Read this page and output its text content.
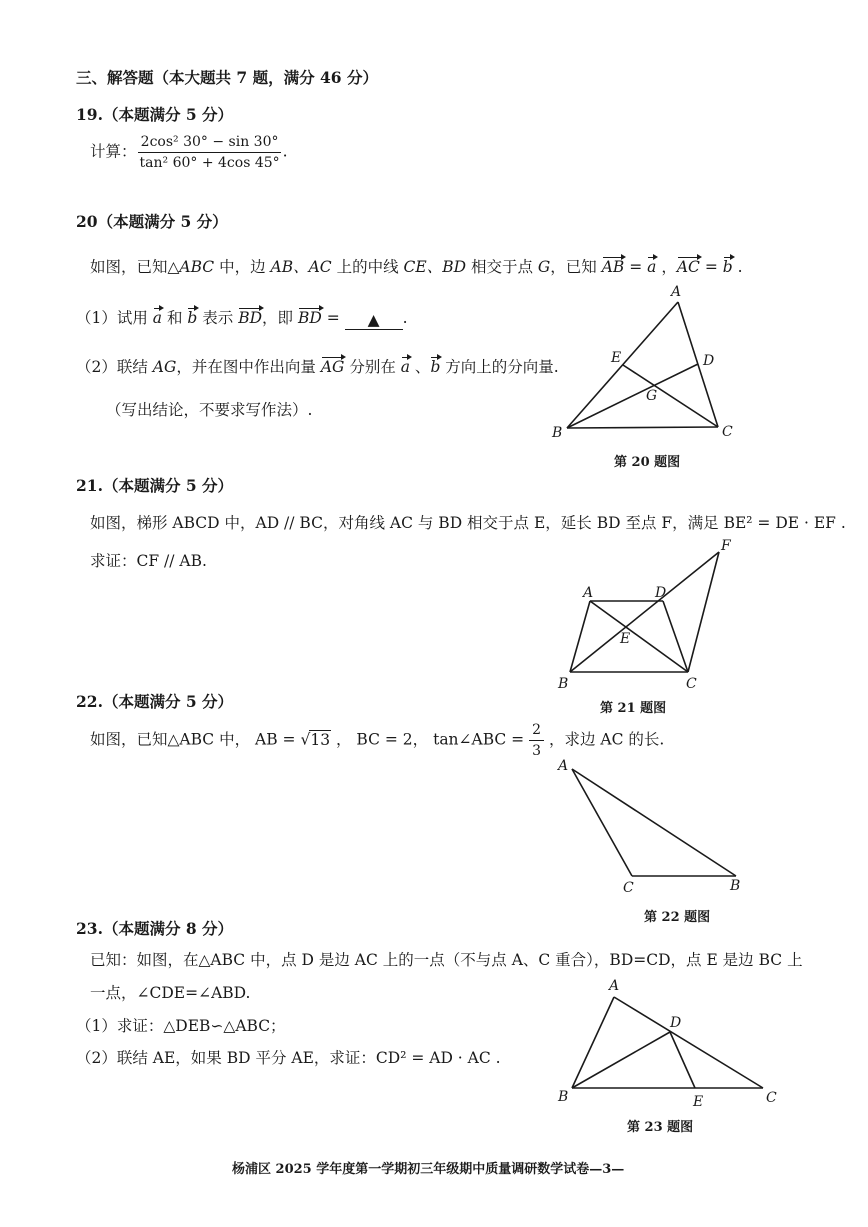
三、解答题（本大题共 7 题，满分 46 分）
19.（本题满分 5 分）
计算： $\frac{\text{2cos² 30° − sin 30°}}{\text{tan² 60° + 4cos 45°}}$ .
20（本题满分 5 分）
如图，已知△ABC 中，边 AB、AC 上的中线 CE、BD 相交于点 G，已知 AB = a ，AC = b .
（1）试用 a 和 b 表示 BD，即 BD = ▲ .
（2）联结 AG，并在图中作出向量 AG 分别在 a 、b 方向上的分向量.
（写出结论，不要求写作法）.
A
B	C
D
E
G
第 20 题图
21.（本题满分 5 分）
如图，梯形 ABCD 中，AD // BC，对角线 AC 与 BD 相交于点 E，延长 BD 至点 F，满足 BE² = DE · EF .
求证：CF // AB.
A
B	C
D
E
F
第 21 题图
22.（本题满分 5 分）
如图，已知△ABC 中， AB = √13 ， BC = 2， tan∠ABC = $\frac{2}{3}$ ，求边 AC 的长.
A
C	B
第 22 题图
23.（本题满分 8 分）
已知：如图，在△ABC 中，点 D 是边 AC 上的一点（不与点 A、C 重合），BD=CD，点 E 是边 BC 上
一点，∠CDE=∠ABD.
（1）求证：△DEB∽△ABC；
（2）联结 AE，如果 BD 平分 AE，求证：CD² = AD · AC .
A
B	C
D
E
第 23 题图
杨浦区 2025 学年度第一学期初三年级期中质量调研数学试卷—3—
